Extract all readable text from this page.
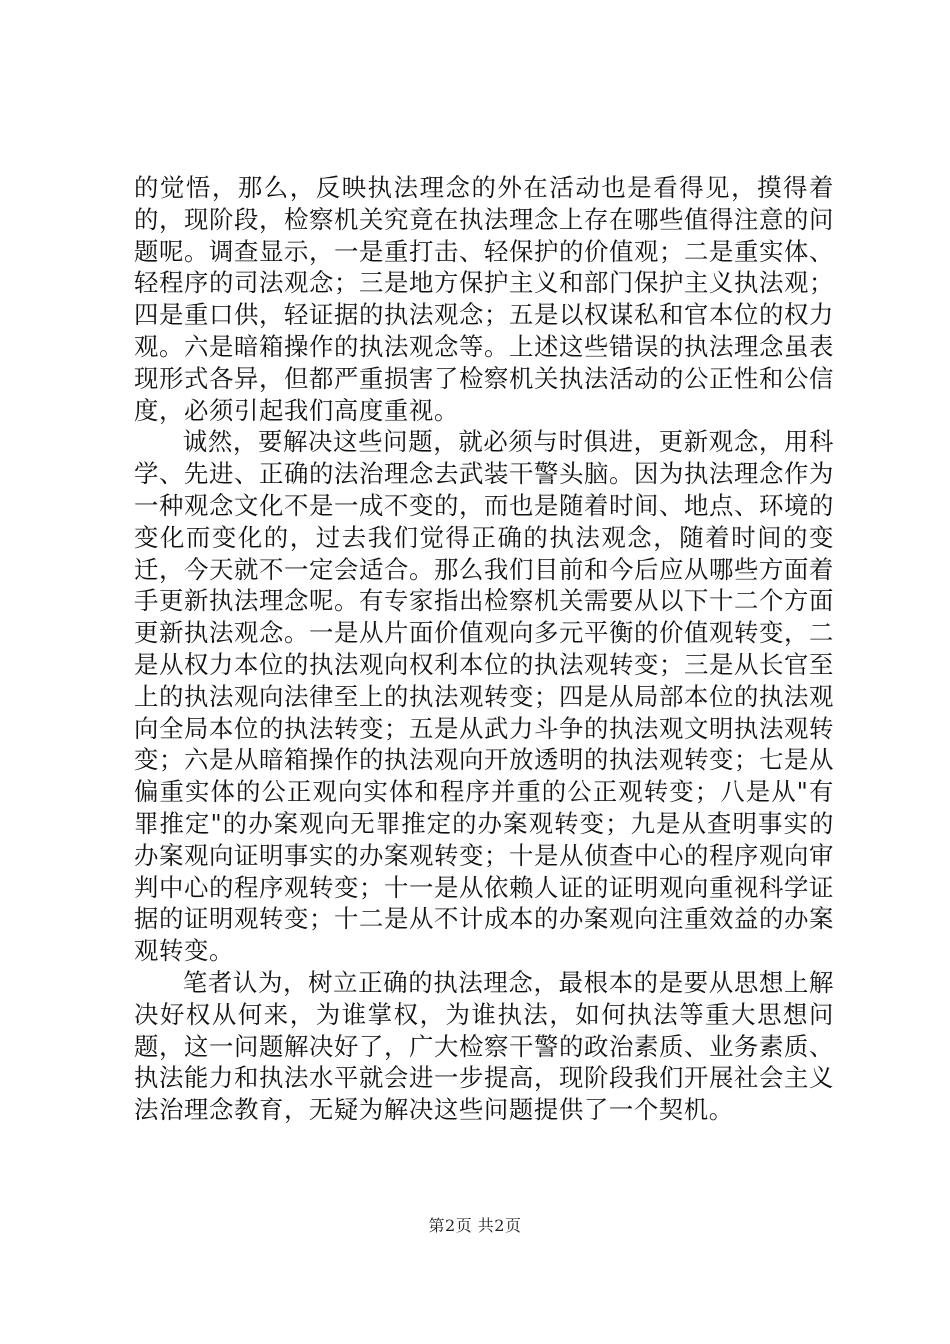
的觉悟，那么，反映执法理念的外在活动也是看得见，摸得着的，现阶段，检察机关究竟在执法理念上存在哪些值得注意的问题呢。调查显示，一是重打击、轻保护的价值观；二是重实体、轻程序的司法观念；三是地方保护主义和部门保护主义执法观；四是重口供，轻证据的执法观念；五是以权谋私和官本位的权力观。六是暗箱操作的执法观念等。上述这些错误的执法理念虽表现形式各异，但都严重损害了检察机关执法活动的公正性和公信度，必须引起我们高度重视。

诚然，要解决这些问题，就必须与时俱进，更新观念，用科学、先进、正确的法治理念去武装干警头脑。因为执法理念作为一种观念文化不是一成不变的，而也是随着时间、地点、环境的变化而变化的，过去我们觉得正确的执法观念，随着时间的变迁，今天就不一定会适合。那么我们目前和今后应从哪些方面着手更新执法理念呢。有专家指出检察机关需要从以下十二个方面更新执法观念。一是从片面价值观向多元平衡的价值观转变，二是从权力本位的执法观向权利本位的执法观转变；三是从长官至上的执法观向法律至上的执法观转变；四是从局部本位的执法观向全局本位的执法转变；五是从武力斗争的执法观文明执法观转变；六是从暗箱操作的执法观向开放透明的执法观转变；七是从偏重实体的公正观向实体和程序并重的公正观转变；八是从"有罪推定"的办案观向无罪推定的办案观转变；九是从查明事实的办案观向证明事实的办案观转变；十是从侦查中心的程序观向审判中心的程序观转变；十一是从依赖人证的证明观向重视科学证据的证明观转变；十二是从不计成本的办案观向注重效益的办案观转变。

笔者认为，树立正确的执法理念，最根本的是要从思想上解决好权从何来，为谁掌权，为谁执法，如何执法等重大思想问题，这一问题解决好了，广大检察干警的政治素质、业务素质、执法能力和执法水平就会进一步提高，现阶段我们开展社会主义法治理念教育，无疑为解决这些问题提供了一个契机。

第2页 共2页
